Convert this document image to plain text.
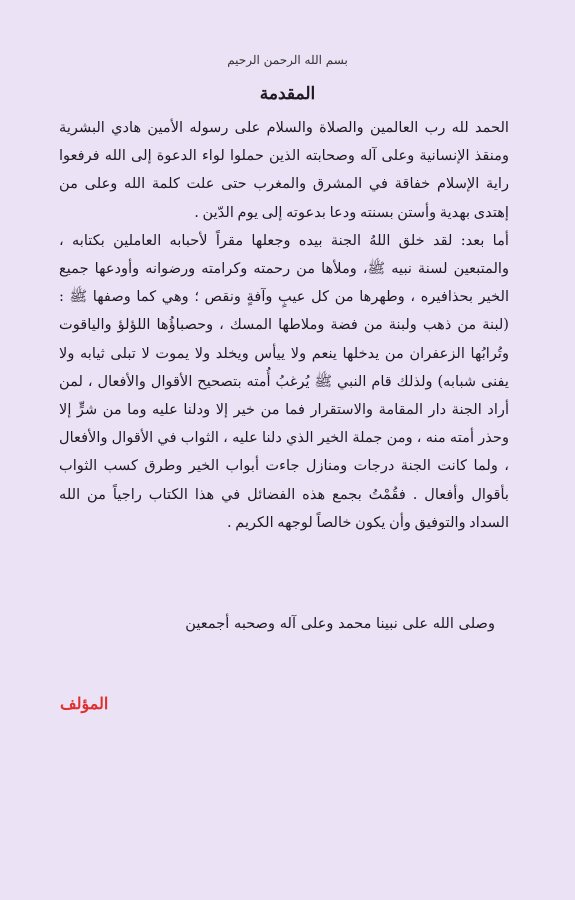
بسم الله الرحمن الرحيم
المقدمة

الحمد لله رب العالمين والصلاة والسلام على رسوله الأمين هادي البشرية ومنقذ الإنسانية وعلى آله وصحابته الذين حملوا لواء الدعوة إلى الله فرفعوا راية الإسلام خفاقة في المشرق والمغرب حتى علت كلمة الله وعلى من إهتدى بهدية وأستن بسنته ودعا بدعوته إلى يوم الدّين .

أما بعد: لقد خلق اللهُ الجنة بيده وجعلها مقراً لأحبابه العاملين بكتابه ، والمتبعين لسنة نبيه ﷺ، وملأها من رحمته وكرامته ورضوانه وأودعها جميع الخير بحذافيره ، وطهرها من كل عيبٍ وآفةٍ ونقص ؛ وهي كما وصفها ﷺ : (لبنة من ذهب ولبنة من فضة وملاطها المسك ، وحصباؤُها اللؤلؤ والياقوت وتُرابُها الزعفران من يدخلها ينعم ولا ييأس ويخلد ولا يموت لا تبلى ثيابه ولا يفنى شبابه) ولذلك قام النبي ﷺ يُرغبُ أُمته بتصحيح الأقوال والأفعال ، لمن أراد الجنة دار المقامة والاستقرار فما من خير إلا ودلنا عليه وما من شرٍّ إلا وحذر أمته منه ، ومن جملة الخير الذي دلنا عليه ، الثواب في الأقوال والأفعال ، ولما كانت الجنة درجات ومنازل جاءت أبواب الخير وطرق كسب الثواب بأقوال وأفعال . فقُمْتُ بجمع هذه الفضائل في هذا الكتاب راجياً من الله السداد والتوفيق وأن يكون خالصاً لوجهه الكريم .

وصلى الله على نبينا محمد وعلى آله وصحبه أجمعين
المؤلف
